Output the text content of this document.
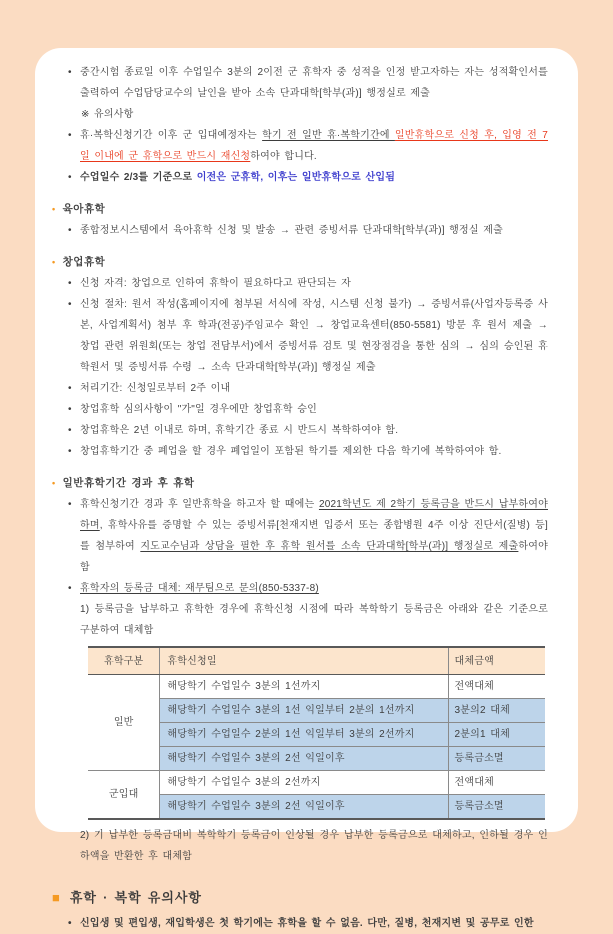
•
중간시험 종료일 이후 수업일수 3분의 2이전 군 휴학자 중 성적을 인정 받고자하는 자는 성적확인서를 출력하여 수업담당교수의 날인을 받아 소속 단과대학[학부(과)] 행정실로 제출
※ 유의사항
•
휴·복학신청기간 이후 군 입대예정자는 학기 전 일반 휴·복학기간에 일반휴학으로 신청 후, 입영 전 7일 이내에 군 휴학으로 반드시 재신청하여야 합니다.
•
수업일수 2/3를 기준으로 이전은 군휴학, 이후는 일반휴학으로 산입됨
• 육아휴학
•
종합정보시스템에서 육아휴학 신청 및 발송 → 관련 증빙서류 단과대학[학부(과)] 행정실 제출
• 창업휴학
•
신청 자격: 창업으로 인하여 휴학이 필요하다고 판단되는 자
•
신청 절차: 원서 작성(홈페이지에 첨부된 서식에 작성, 시스템 신청 불가) → 증빙서류(사업자등록증 사본, 사업계획서) 첨부 후 학과(전공)주임교수 확인 → 창업교육센터(850-5581) 방문 후 원서 제출 → 창업 관련 위원회(또는 창업 전담부서)에서 증빙서류 검토 및 현장점검을 통한 심의 → 심의 승인된 휴학원서 및 증빙서류 수령 → 소속 단과대학[학부(과)] 행정실 제출
•
처리기간: 신청일로부터 2주 이내
•
창업휴학 심의사항이 "가"일 경우에만 창업휴학 승인
•
창업휴학은 2년 이내로 하며, 휴학기간 종료 시 반드시 복학하여야 함.
•
창업휴학기간 중 폐업을 할 경우 폐업일이 포함된 학기를 제외한 다음 학기에 복학하여야 함.
• 일반휴학기간 경과 후 휴학
•
휴학신청기간 경과 후 일반휴학을 하고자 할 때에는 2021학년도 제 2학기 등록금을 반드시 납부하여야 하며, 휴학사유를 증명할 수 있는 증빙서류[천재지변 입증서 또는 종합병원 4주 이상 진단서(질병) 등]를 첨부하여 지도교수님과 상담을 필한 후 휴학 원서를 소속 단과대학[학부(과)] 행정실로 제출하여야 함
•
휴학자의 등록금 대체: 재무팀으로 문의(850-5337-8)
1) 등록금을 납부하고 휴학한 경우에 휴학신청 시점에 따라 복학학기 등록금은 아래와 같은 기준으로 구분하여 대체함
휴학구분	휴학신청일	대체금액
일반	해당학기 수업일수 3분의 1선까지	전액대체
	해당학기 수업일수 3분의 1선 익일부터 2분의 1선까지	3분의2 대체
	해당학기 수업일수 2분의 1선 익일부터 3분의 2선까지	2분의1 대체
	해당학기 수업일수 3분의 2선 익일이후	등록금소멸
군입대	해당학기 수업일수 3분의 2선까지	전액대체
	해당학기 수업일수 3분의 2선 익일이후	등록금소멸
2) 기 납부한 등록금대비 복학학기 등록금이 인상될 경우 납부한 등록금으로 대체하고, 인하될 경우 인하액을 반환한 후 대체함
■ 휴학 · 복학 유의사항
•
신입생 및 편입생, 재입학생은 첫 학기에는 휴학을 할 수 없음. 다만, 질병, 천재지변 및 공무로 인한
